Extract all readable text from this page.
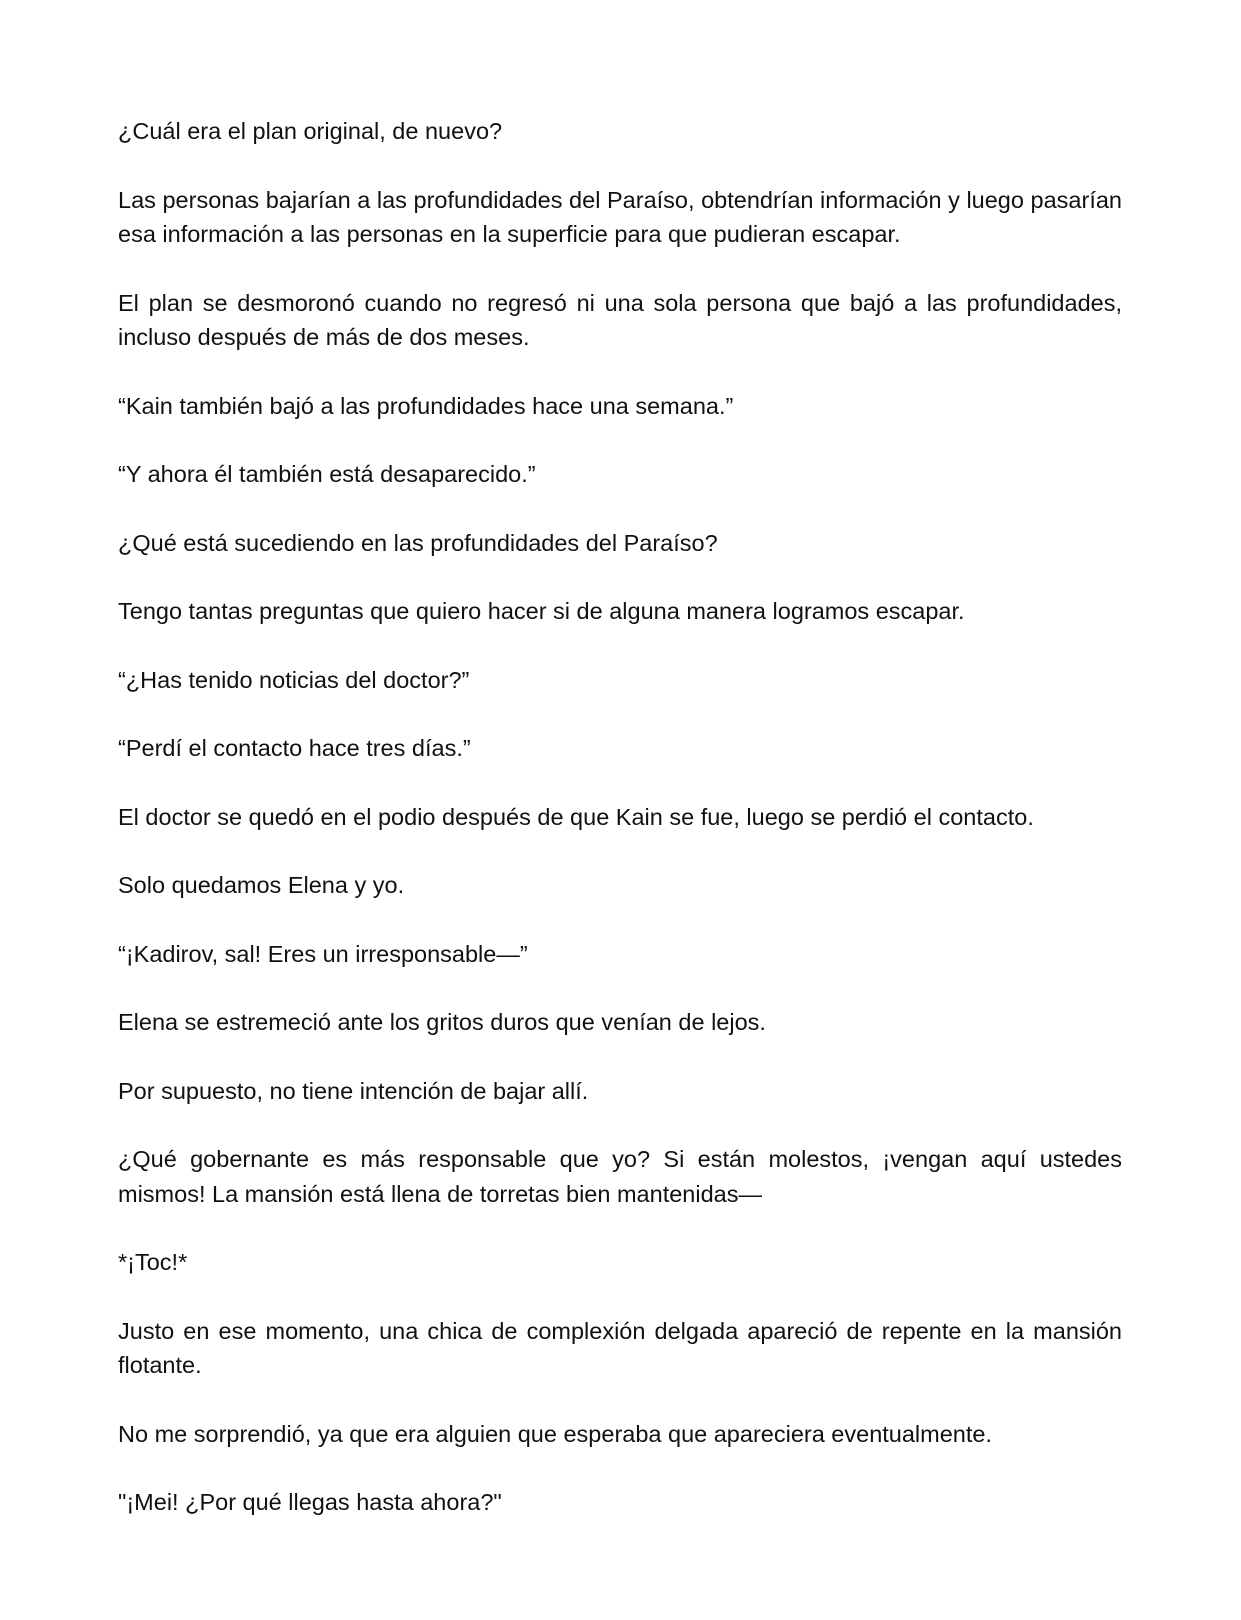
¿Cuál era el plan original, de nuevo?

Las personas bajarían a las profundidades del Paraíso, obtendrían información y luego pasarían esa información a las personas en la superficie para que pudieran escapar.

El plan se desmoronó cuando no regresó ni una sola persona que bajó a las profundidades, incluso después de más de dos meses.

“Kain también bajó a las profundidades hace una semana.”

“Y ahora él también está desaparecido.”

¿Qué está sucediendo en las profundidades del Paraíso?

Tengo tantas preguntas que quiero hacer si de alguna manera logramos escapar.

“¿Has tenido noticias del doctor?”

“Perdí el contacto hace tres días.”

El doctor se quedó en el podio después de que Kain se fue, luego se perdió el contacto.

Solo quedamos Elena y yo.

“¡Kadirov, sal! Eres un irresponsable—”

Elena se estremeció ante los gritos duros que venían de lejos.

Por supuesto, no tiene intención de bajar allí.

¿Qué gobernante es más responsable que yo? Si están molestos, ¡vengan aquí ustedes mismos! La mansión está llena de torretas bien mantenidas—

*¡Toc!*

Justo en ese momento, una chica de complexión delgada apareció de repente en la mansión flotante.

No me sorprendió, ya que era alguien que esperaba que apareciera eventualmente.

"¡Mei! ¿Por qué llegas hasta ahora?"
